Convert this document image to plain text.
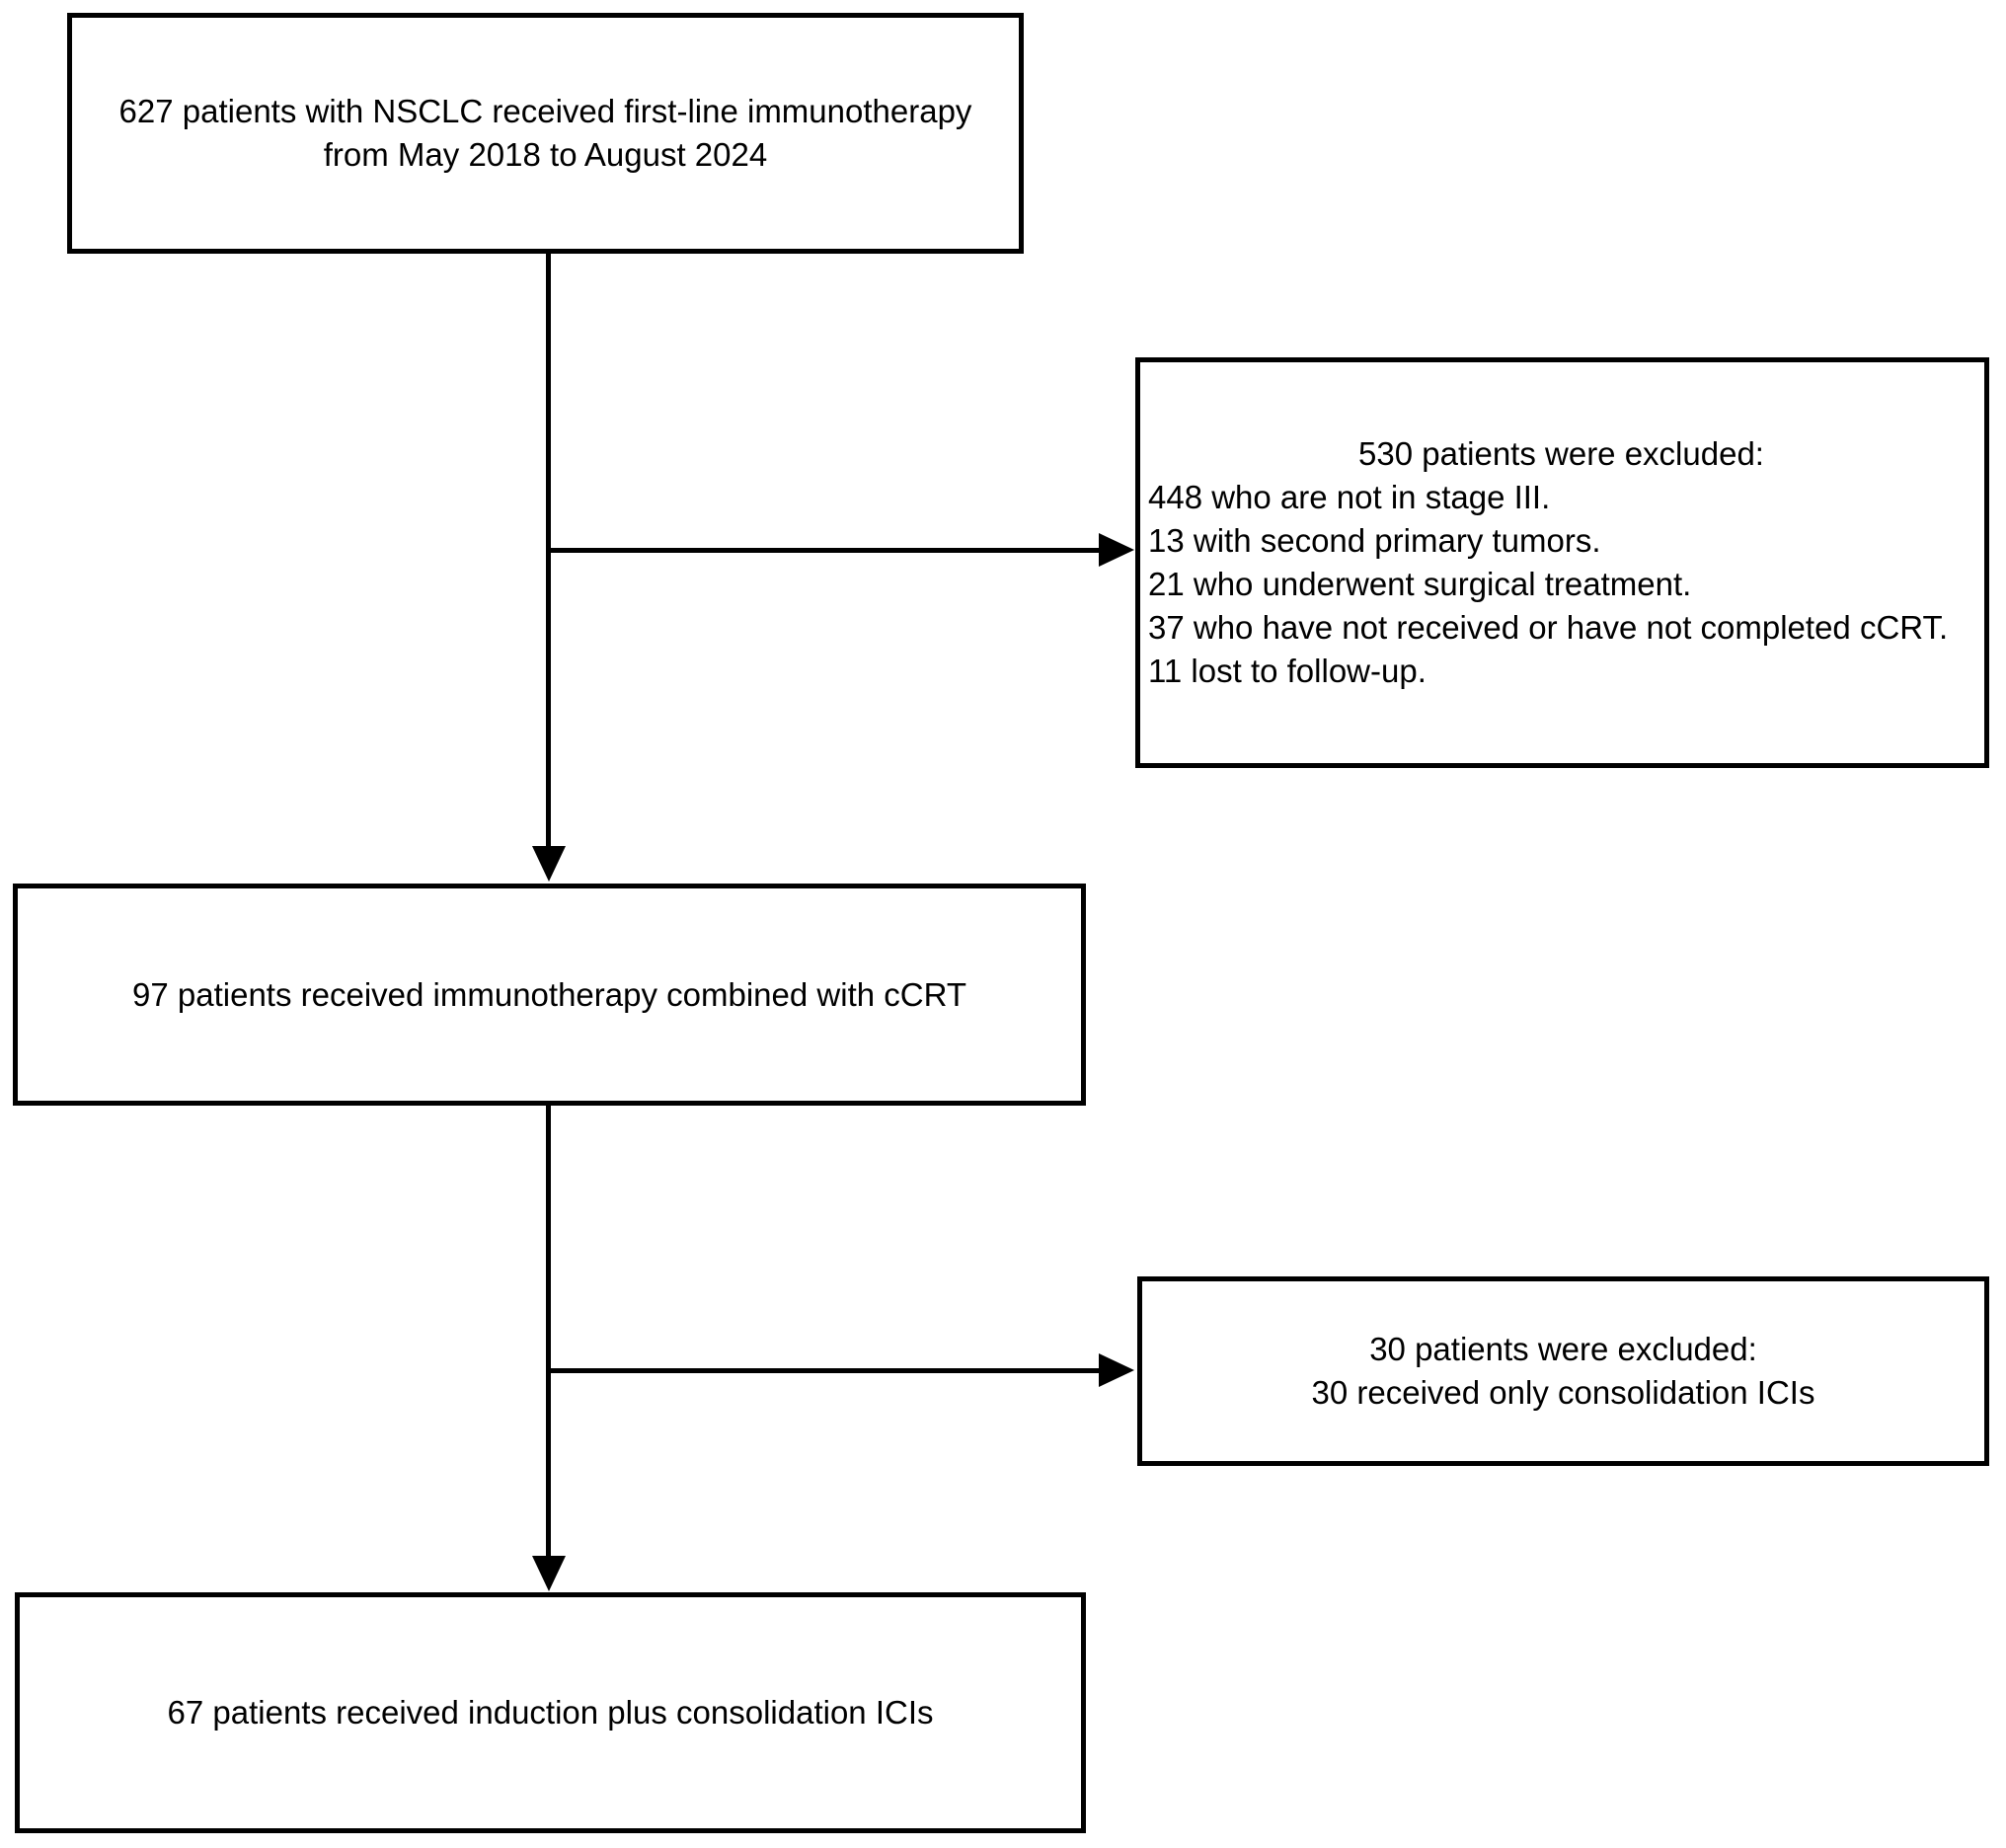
627 patients with NSCLC received first-line immunotherapy
from May 2018 to August 2024
530 patients were excluded:
448 who are not in stage III.
13 with second primary tumors.
21 who underwent surgical treatment.
37 who have not received or have not completed cCRT.
11 lost to follow-up.
97 patients received immunotherapy combined with cCRT
30 patients were excluded:
30 received only consolidation ICIs
67 patients received induction plus consolidation ICIs
